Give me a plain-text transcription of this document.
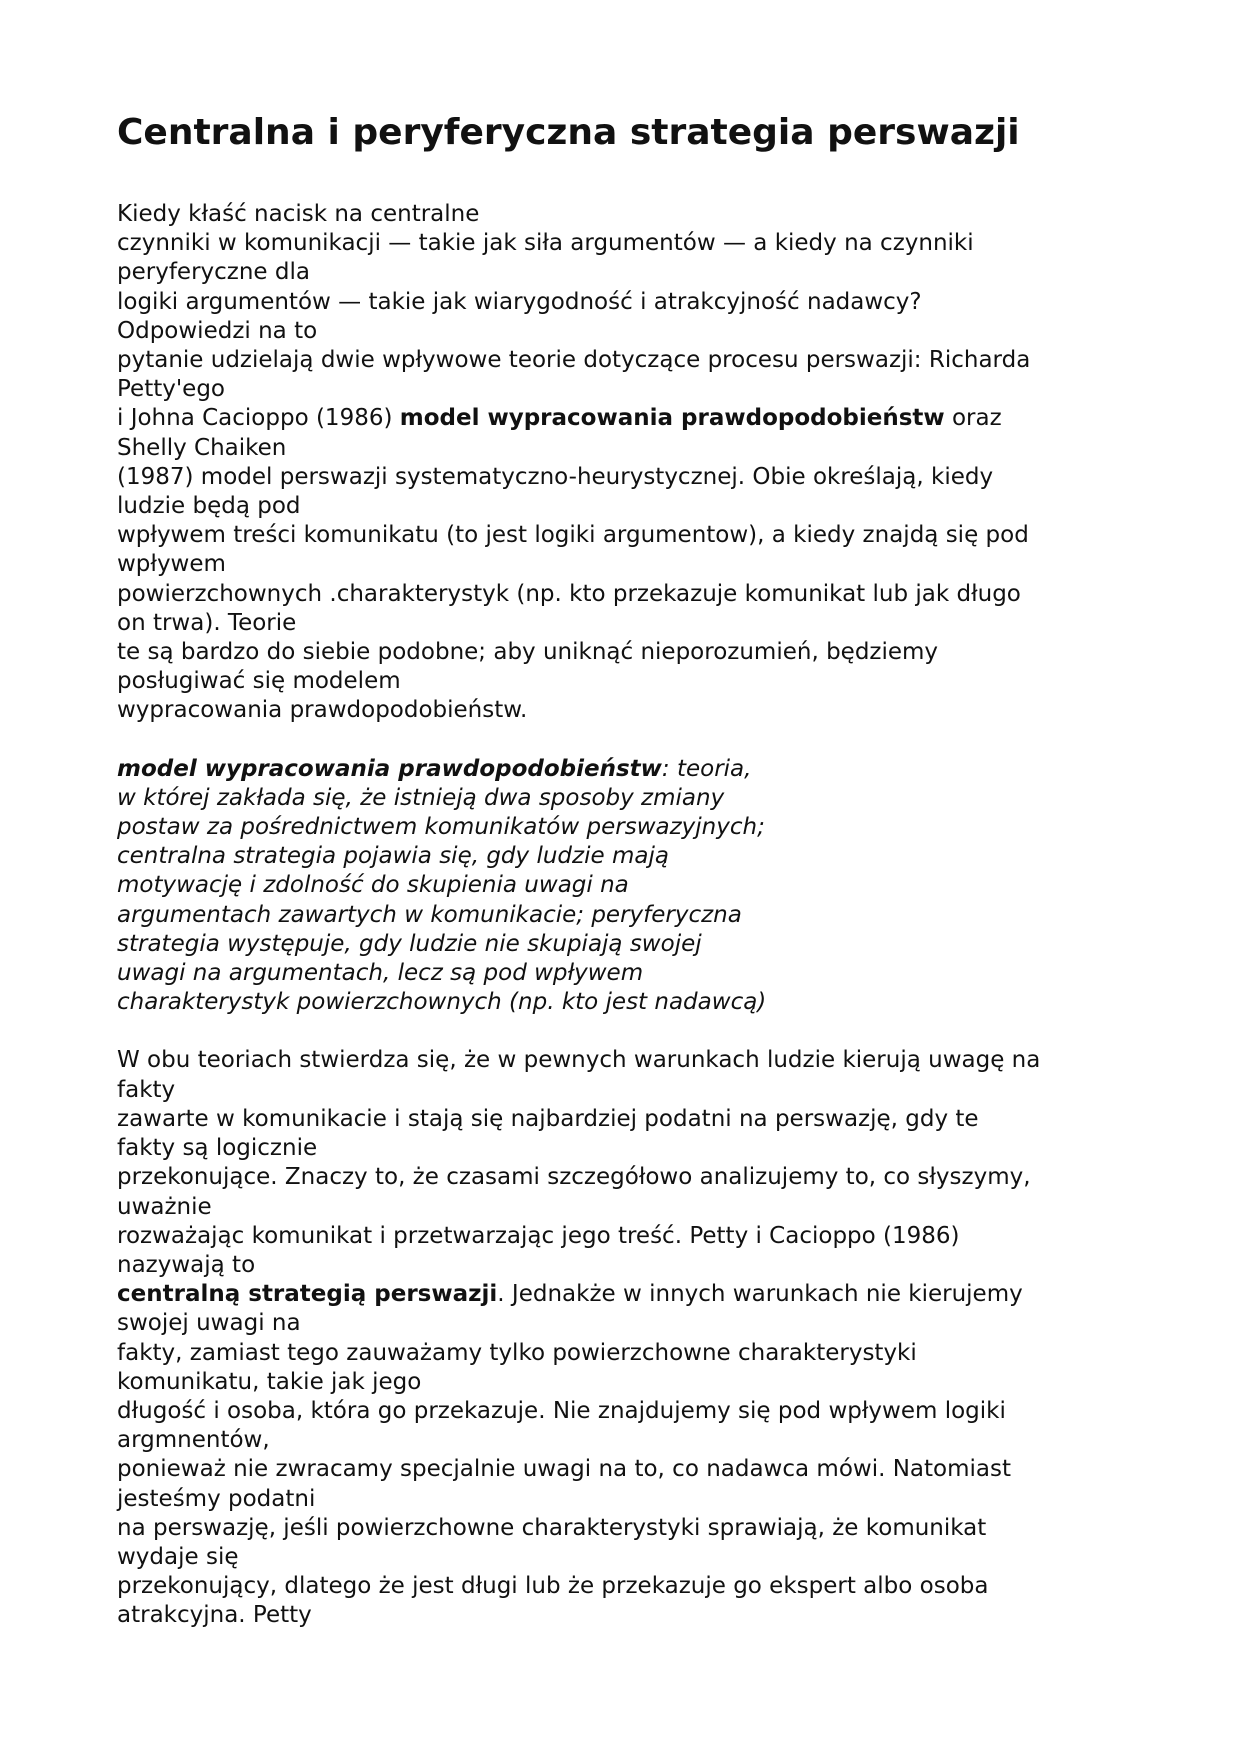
Centralna i peryferyczna strategia perswazji

Kiedy kłaść nacisk na centralne
czynniki w komunikacji — takie jak siła argumentów — a kiedy na czynniki
peryferyczne dla
logiki argumentów — takie jak wiarygodność i atrakcyjność nadawcy?
Odpowiedzi na to
pytanie udzielają dwie wpływowe teorie dotyczące procesu perswazji: Richarda
Petty'ego
i Johna Cacioppo (1986) model wypracowania prawdopodobieństw oraz
Shelly Chaiken
(1987) model perswazji systematyczno-heurystycznej. Obie określają, kiedy
ludzie będą pod
wpływem treści komunikatu (to jest logiki argumentow), a kiedy znajdą się pod
wpływem
powierzchownych .charakterystyk (np. kto przekazuje komunikat lub jak długo
on trwa). Teorie
te są bardzo do siebie podobne; aby uniknąć nieporozumień, będziemy
posługiwać się modelem
wypracowania prawdopodobieństw.

model wypracowania prawdopodobieństw: teoria,
w której zakłada się, że istnieją dwa sposoby zmiany
postaw za pośrednictwem komunikatów perswazyjnych;
centralna strategia pojawia się, gdy ludzie mają
motywację i zdolność do skupienia uwagi na
argumentach zawartych w komunikacie; peryferyczna
strategia występuje, gdy ludzie nie skupiają swojej
uwagi na argumentach, lecz są pod wpływem
charakterystyk powierzchownych (np. kto jest nadawcą)

W obu teoriach stwierdza się, że w pewnych warunkach ludzie kierują uwagę na
fakty
zawarte w komunikacie i stają się najbardziej podatni na perswazję, gdy te
fakty są logicznie
przekonujące. Znaczy to, że czasami szczegółowo analizujemy to, co słyszymy,
uważnie
rozważając komunikat i przetwarzając jego treść. Petty i Cacioppo (1986)
nazywają to
centralną strategią perswazji. Jednakże w innych warunkach nie kierujemy
swojej uwagi na
fakty, zamiast tego zauważamy tylko powierzchowne charakterystyki
komunikatu, takie jak jego
długość i osoba, która go przekazuje. Nie znajdujemy się pod wpływem logiki
argmnentów,
ponieważ nie zwracamy specjalnie uwagi na to, co nadawca mówi. Natomiast
jesteśmy podatni
na perswazję, jeśli powierzchowne charakterystyki sprawiają, że komunikat
wydaje się
przekonujący, dlatego że jest długi lub że przekazuje go ekspert albo osoba
atrakcyjna. Petty
